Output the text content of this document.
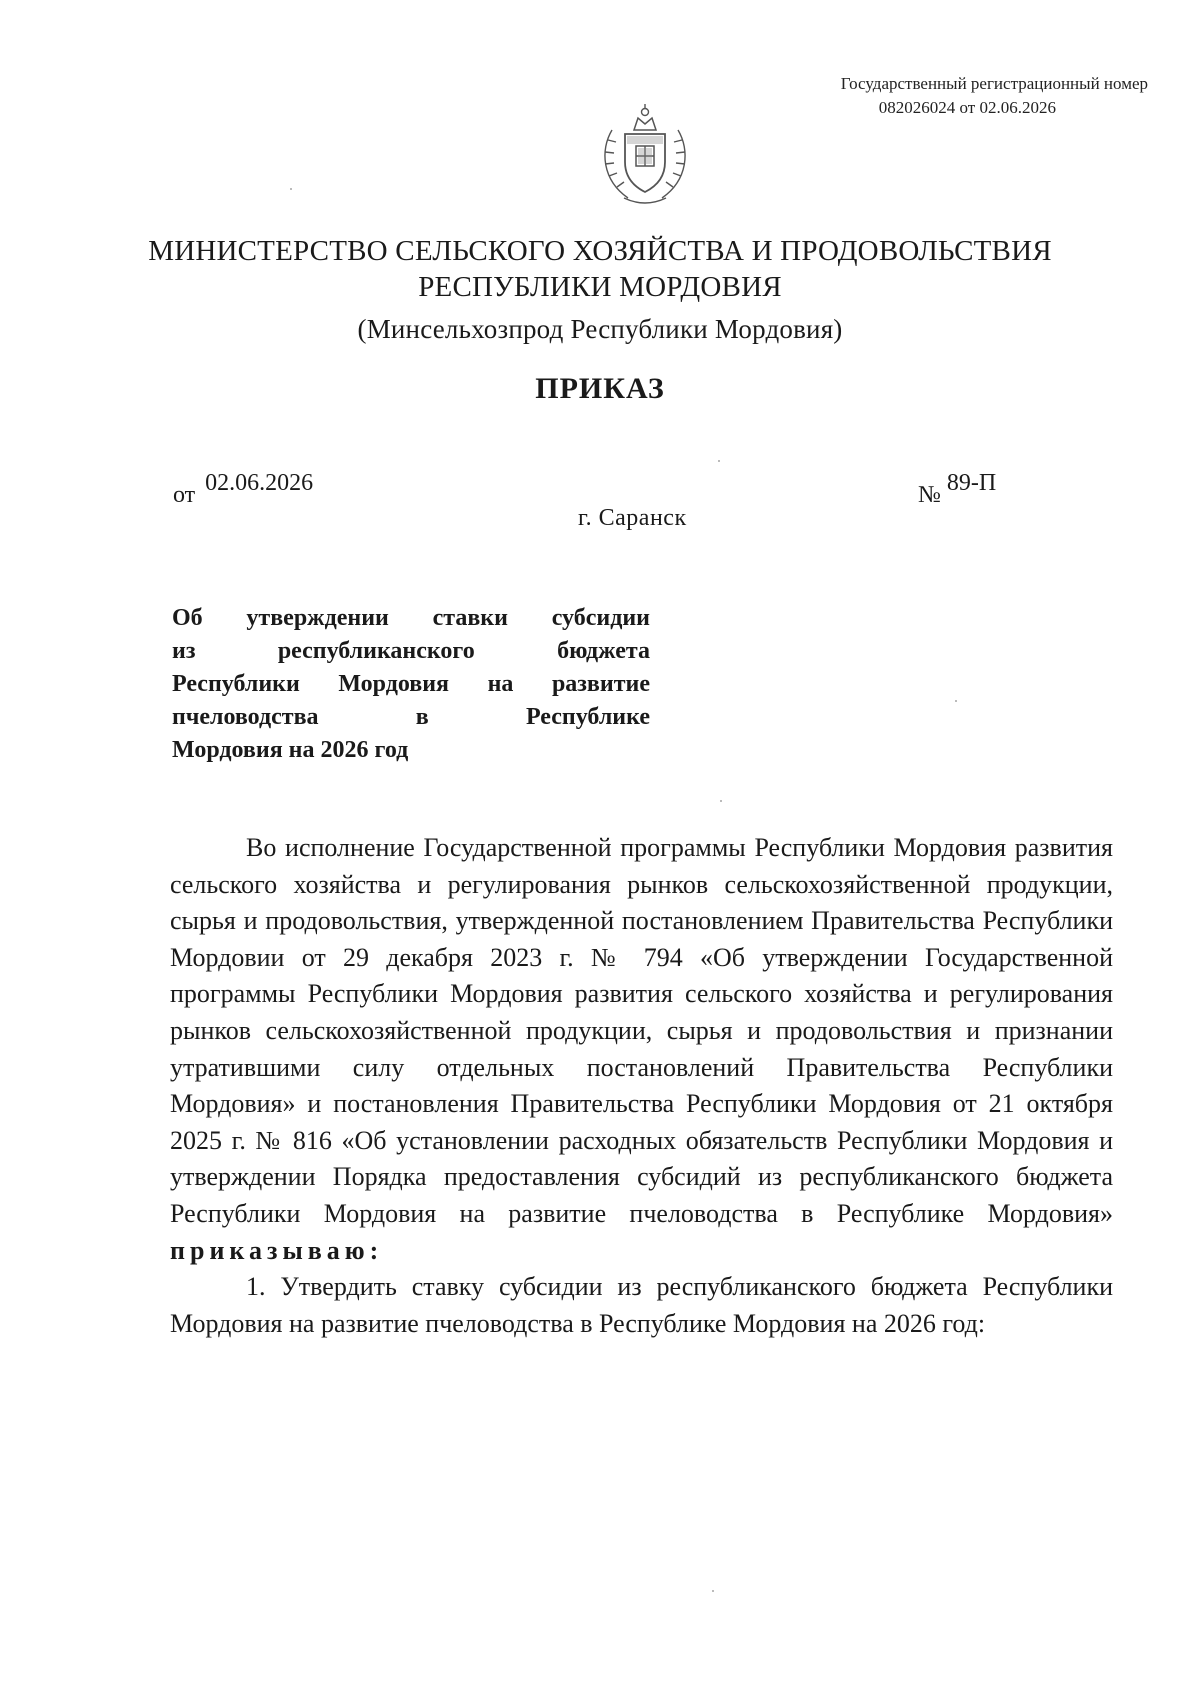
Государственный регистрационный номер
082026024 от 02.06.2026
МИНИСТЕРСТВО СЕЛЬСКОГО ХОЗЯЙСТВА И ПРОДОВОЛЬСТВИЯ
РЕСПУБЛИКИ МОРДОВИЯ
(Минсельхозпрод Республики Мордовия)
ПРИКАЗ
от 02.06.2026	№ 89-П
г. Саранск
Об утверждении ставки субсидии
из республиканского бюджета
Республики Мордовия на развитие
пчеловодства в Республике
Мордовия на 2026 год

Во исполнение Государственной программы Республики Мордовия развития сельского хозяйства и регулирования рынков сельскохозяйственной продукции, сырья и продовольствия, утвержденной постановлением Правительства Республики Мордовии от 29 декабря 2023 г. № 794 «Об утверждении Государственной программы Республики Мордовия развития сельского хозяйства и регулирования рынков сельскохозяйственной продукции, сырья и продовольствия и признании утратившими силу отдельных постановлений Правительства Республики Мордовия» и постановления Правительства Республики Мордовия от 21 октября 2025 г. № 816 «Об установлении расходных обязательств Республики Мордовия и утверждении Порядка предоставления субсидий из республиканского бюджета Республики Мордовия на развитие пчеловодства в Республике Мордовия» приказываю:

1. Утвердить ставку субсидии из республиканского бюджета Республики Мордовия на развитие пчеловодства в Республике Мордовия на 2026 год:
